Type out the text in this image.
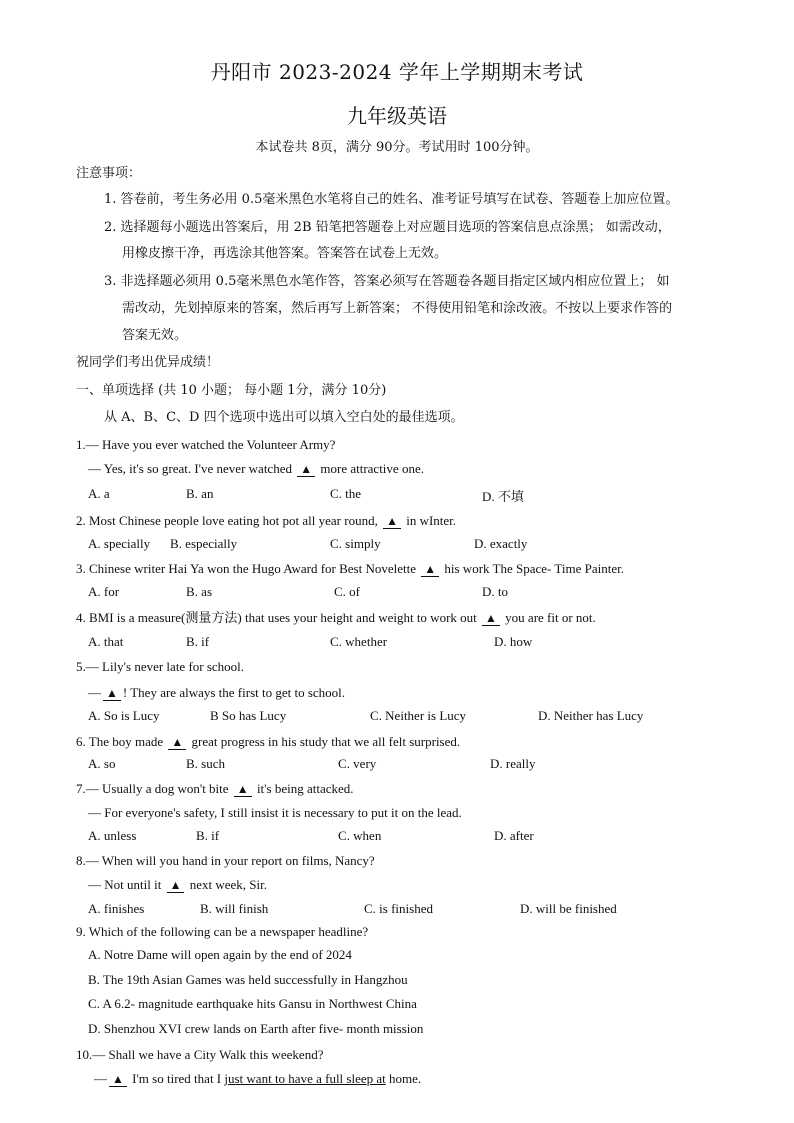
丹阳市 2023-2024 学年上学期期末考试
九年级英语
本试卷共 8页，满分 90分。考试用时 100分钟。
注意事项：
1. 答卷前，考生务必用 0.5毫米黑色水笔将自己的姓名、准考证号填写在试卷、答题卷上加应位置。
2. 选择题每小题选出答案后，用 2B 铅笔把答题卷上对应题目选项的答案信息点涂黑； 如需改动，
用橡皮擦干净，再选涂其他答案。答案答在试卷上无效。
3. 非选择题必须用 0.5毫米黑色水笔作答，答案必须写在答题卷各题目指定区域内相应位置上； 如
需改动，先划掉原来的答案，然后再写上新答案； 不得使用铅笔和涂改液。不按以上要求作答的
答案无效。
祝同学们考出优异成绩！
一、单项选择 (共 10 小题； 每小题 1分，满分 10分)
从 A、B、C、D 四个选项中选出可以填入空白处的最佳选项。
1.— Have you ever watched the Volunteer Army?
— Yes, it's so great. I've never watched ▲ more attractive one.
A. a	B. an	C. the	D. 不填
2. Most Chinese people love eating hot pot all year round, ▲ in wInter.
A. specially B. especially	C. simply	D. exactly
3. Chinese writer Hai Ya won the Hugo Award for Best Novelette ▲ his work The Space- Time Painter.
A. for	B. as	C. of	D. to
4. BMI is a measure(测量方法) that uses your height and weight to work out ▲ you are fit or not.
A. that	B. if	C. whether	D. how
5.— Lily's never late for school.
— ▲ ! They are always the first to get to school.
A. So is Lucy	B So has Lucy	C. Neither is Lucy	D. Neither has Lucy
6. The boy made ▲ great progress in his study that we all felt surprised.
A. so	B. such	C. very	D. really
7.— Usually a dog won't bite ▲ it's being attacked.
— For everyone's safety, I still insist it is necessary to put it on the lead.
A. unless	B. if	C. when	D. after
8.— When will you hand in your report on films, Nancy?
— Not until it ▲ next week, Sir.
A. finishes	B. will finish	C. is finished	D. will be finished
9. Which of the following can be a newspaper headline?
A. Notre Dame will open again by the end of 2024
B. The 19th Asian Games was held successfully in Hangzhou
C. A 6.2- magnitude earthquake hits Gansu in Northwest China
D. Shenzhou XVI crew lands on Earth after five- month mission
10.— Shall we have a City Walk this weekend?
— ▲ I'm so tired that I just want to have a full sleep at home.
